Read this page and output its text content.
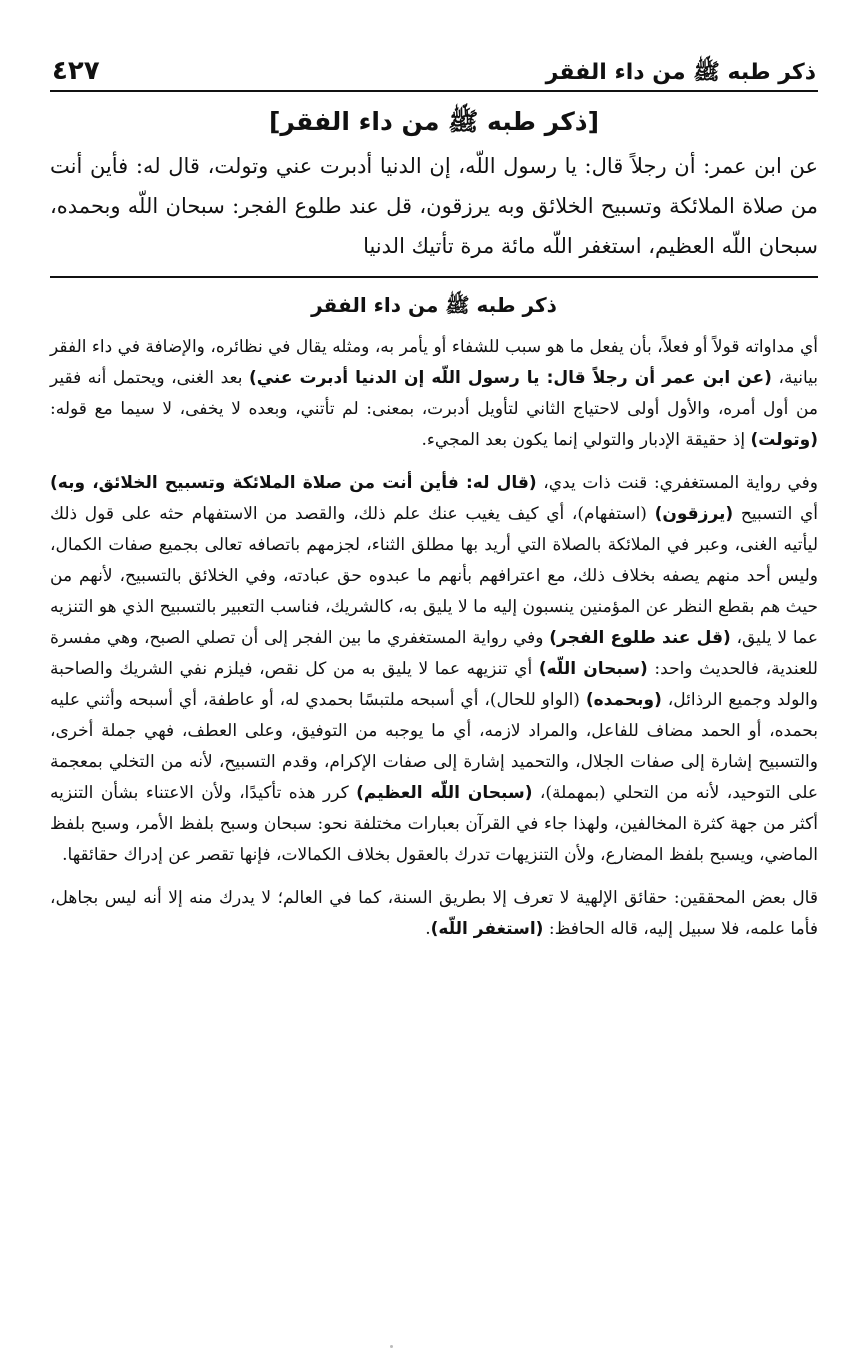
٤٢٧	ذكر طبه ﷺ من داء الفقر
[ذكر طبه ﷺ من داء الفقر]
عن ابن عمر: أن رجلاً قال: يا رسول اللّه، إن الدنيا أدبرت عني وتولت، قال له: فأين أنت من صلاة الملائكة وتسبيح الخلائق وبه يرزقون، قل عند طلوع الفجر: سبحان اللّه وبحمده، سبحان اللّه العظيم، استغفر اللّه مائة مرة تأتيك الدنيا
ذكر طبه ﷺ من داء الفقر

أي مداواته قولاً أو فعلاً، بأن يفعل ما هو سبب للشفاء أو يأمر به، ومثله يقال في نظائره، والإضافة في داء الفقر بيانية، (عن ابن عمر أن رجلاً قال: يا رسول اللّه إن الدنيا أدبرت عني) بعد الغنى، ويحتمل أنه فقير من أول أمره، والأول أولى لاحتياج الثاني لتأويل أدبرت، بمعنى: لم تأتني، وبعده لا يخفى، لا سيما مع قوله: (وتولت) إذ حقيقة الإدبار والتولي إنما يكون بعد المجيء.

وفي رواية المستغفري: قنت ذات يدي، (قال له: فأين أنت من صلاة الملائكة وتسبيح الخلائق، وبه) أي التسبيح (يرزقون) (استفهام)، أي كيف يغيب عنك علم ذلك، والقصد من الاستفهام حثه على قول ذلك ليأتيه الغنى، وعبر في الملائكة بالصلاة التي أريد بها مطلق الثناء، لجزمهم باتصافه تعالى بجميع صفات الكمال، وليس أحد منهم يصفه بخلاف ذلك، مع اعترافهم بأنهم ما عبدوه حق عبادته، وفي الخلائق بالتسبيح، لأنهم من حيث هم بقطع النظر عن المؤمنين ينسبون إليه ما لا يليق به، كالشريك، فناسب التعبير بالتسبيح الذي هو التنزيه عما لا يليق، (قل عند طلوع الفجر) وفي رواية المستغفري ما بين الفجر إلى أن تصلي الصبح، وهي مفسرة للعندية، فالحديث واحد: (سبحان اللّه) أي تنزيهه عما لا يليق به من كل نقص، فيلزم نفي الشريك والصاحبة والولد وجميع الرذائل، (وبحمده) (الواو للحال)، أي أسبحه ملتبسًا بحمدي له، أو عاطفة، أي أسبحه وأثني عليه بحمده، أو الحمد مضاف للفاعل، والمراد لازمه، أي ما يوجبه من التوفيق، وعلى العطف، فهي جملة أخرى، والتسبيح إشارة إلى صفات الجلال، والتحميد إشارة إلى صفات الإكرام، وقدم التسبيح، لأنه من التخلي بمعجمة على التوحيد، لأنه من التحلي (بمهملة)، (سبحان اللّه العظيم) كرر هذه تأكيدًا، ولأن الاعتناء بشأن التنزيه أكثر من جهة كثرة المخالفين، ولهذا جاء في القرآن بعبارات مختلفة نحو: سبحان وسبح بلفظ الأمر، وسبح بلفظ الماضي، ويسبح بلفظ المضارع، ولأن التنزيهات تدرك بالعقول بخلاف الكمالات، فإنها تقصر عن إدراك حقائقها.

قال بعض المحققين: حقائق الإلهية لا تعرف إلا بطريق السنة، كما في العالم؛ لا يدرك منه إلا أنه ليس بجاهل، فأما علمه، فلا سبيل إليه، قاله الحافظ: (استغفر اللّه).
